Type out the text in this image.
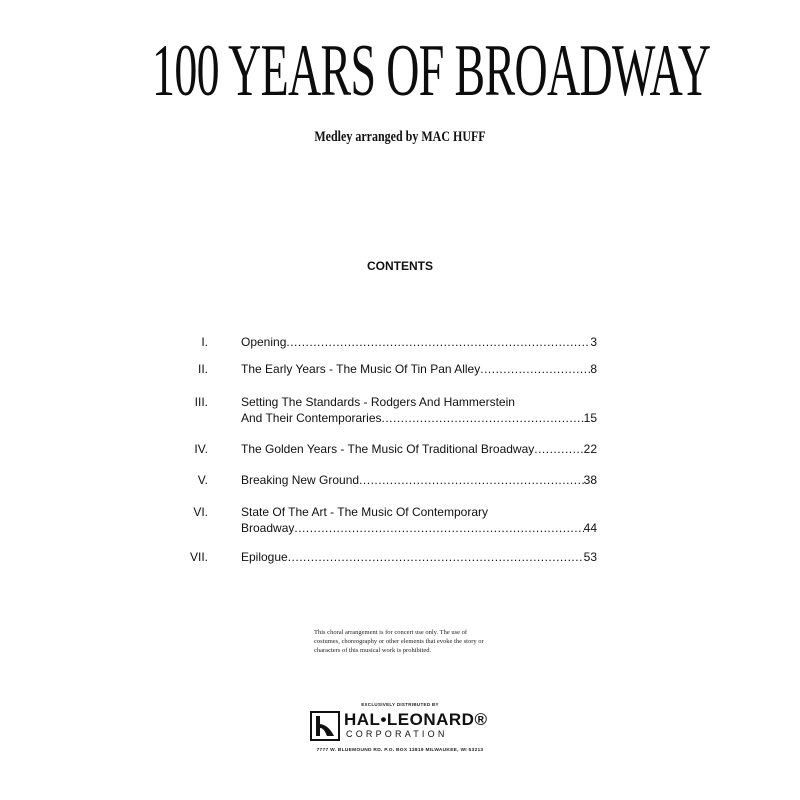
100 YEARS OF BROADWAY
Medley arranged by MAC HUFF
CONTENTS
I.	Opening .....	3
II.	The Early Years - The Music Of Tin Pan Alley .....	8
III.	Setting The Standards - Rodgers And Hammerstein
And Their Contemporaries .....	15
IV.	The Golden Years - The Music Of Traditional Broadway .....	22
V.	Breaking New Ground .....	38
VI.	State Of The Art - The Music Of Contemporary
Broadway .....	44
VII.	Epilogue .....	53
This choral arrangement is for concert use only. The use of costumes, choreography or other elements that evoke the story or characters of this musical work is prohibited.
EXCLUSIVELY DISTRIBUTED BY
HAL•LEONARD®
CORPORATION
7777 W. BLUEMOUND RD. P.O. BOX 13819 MILWAUKEE, WI 53213
